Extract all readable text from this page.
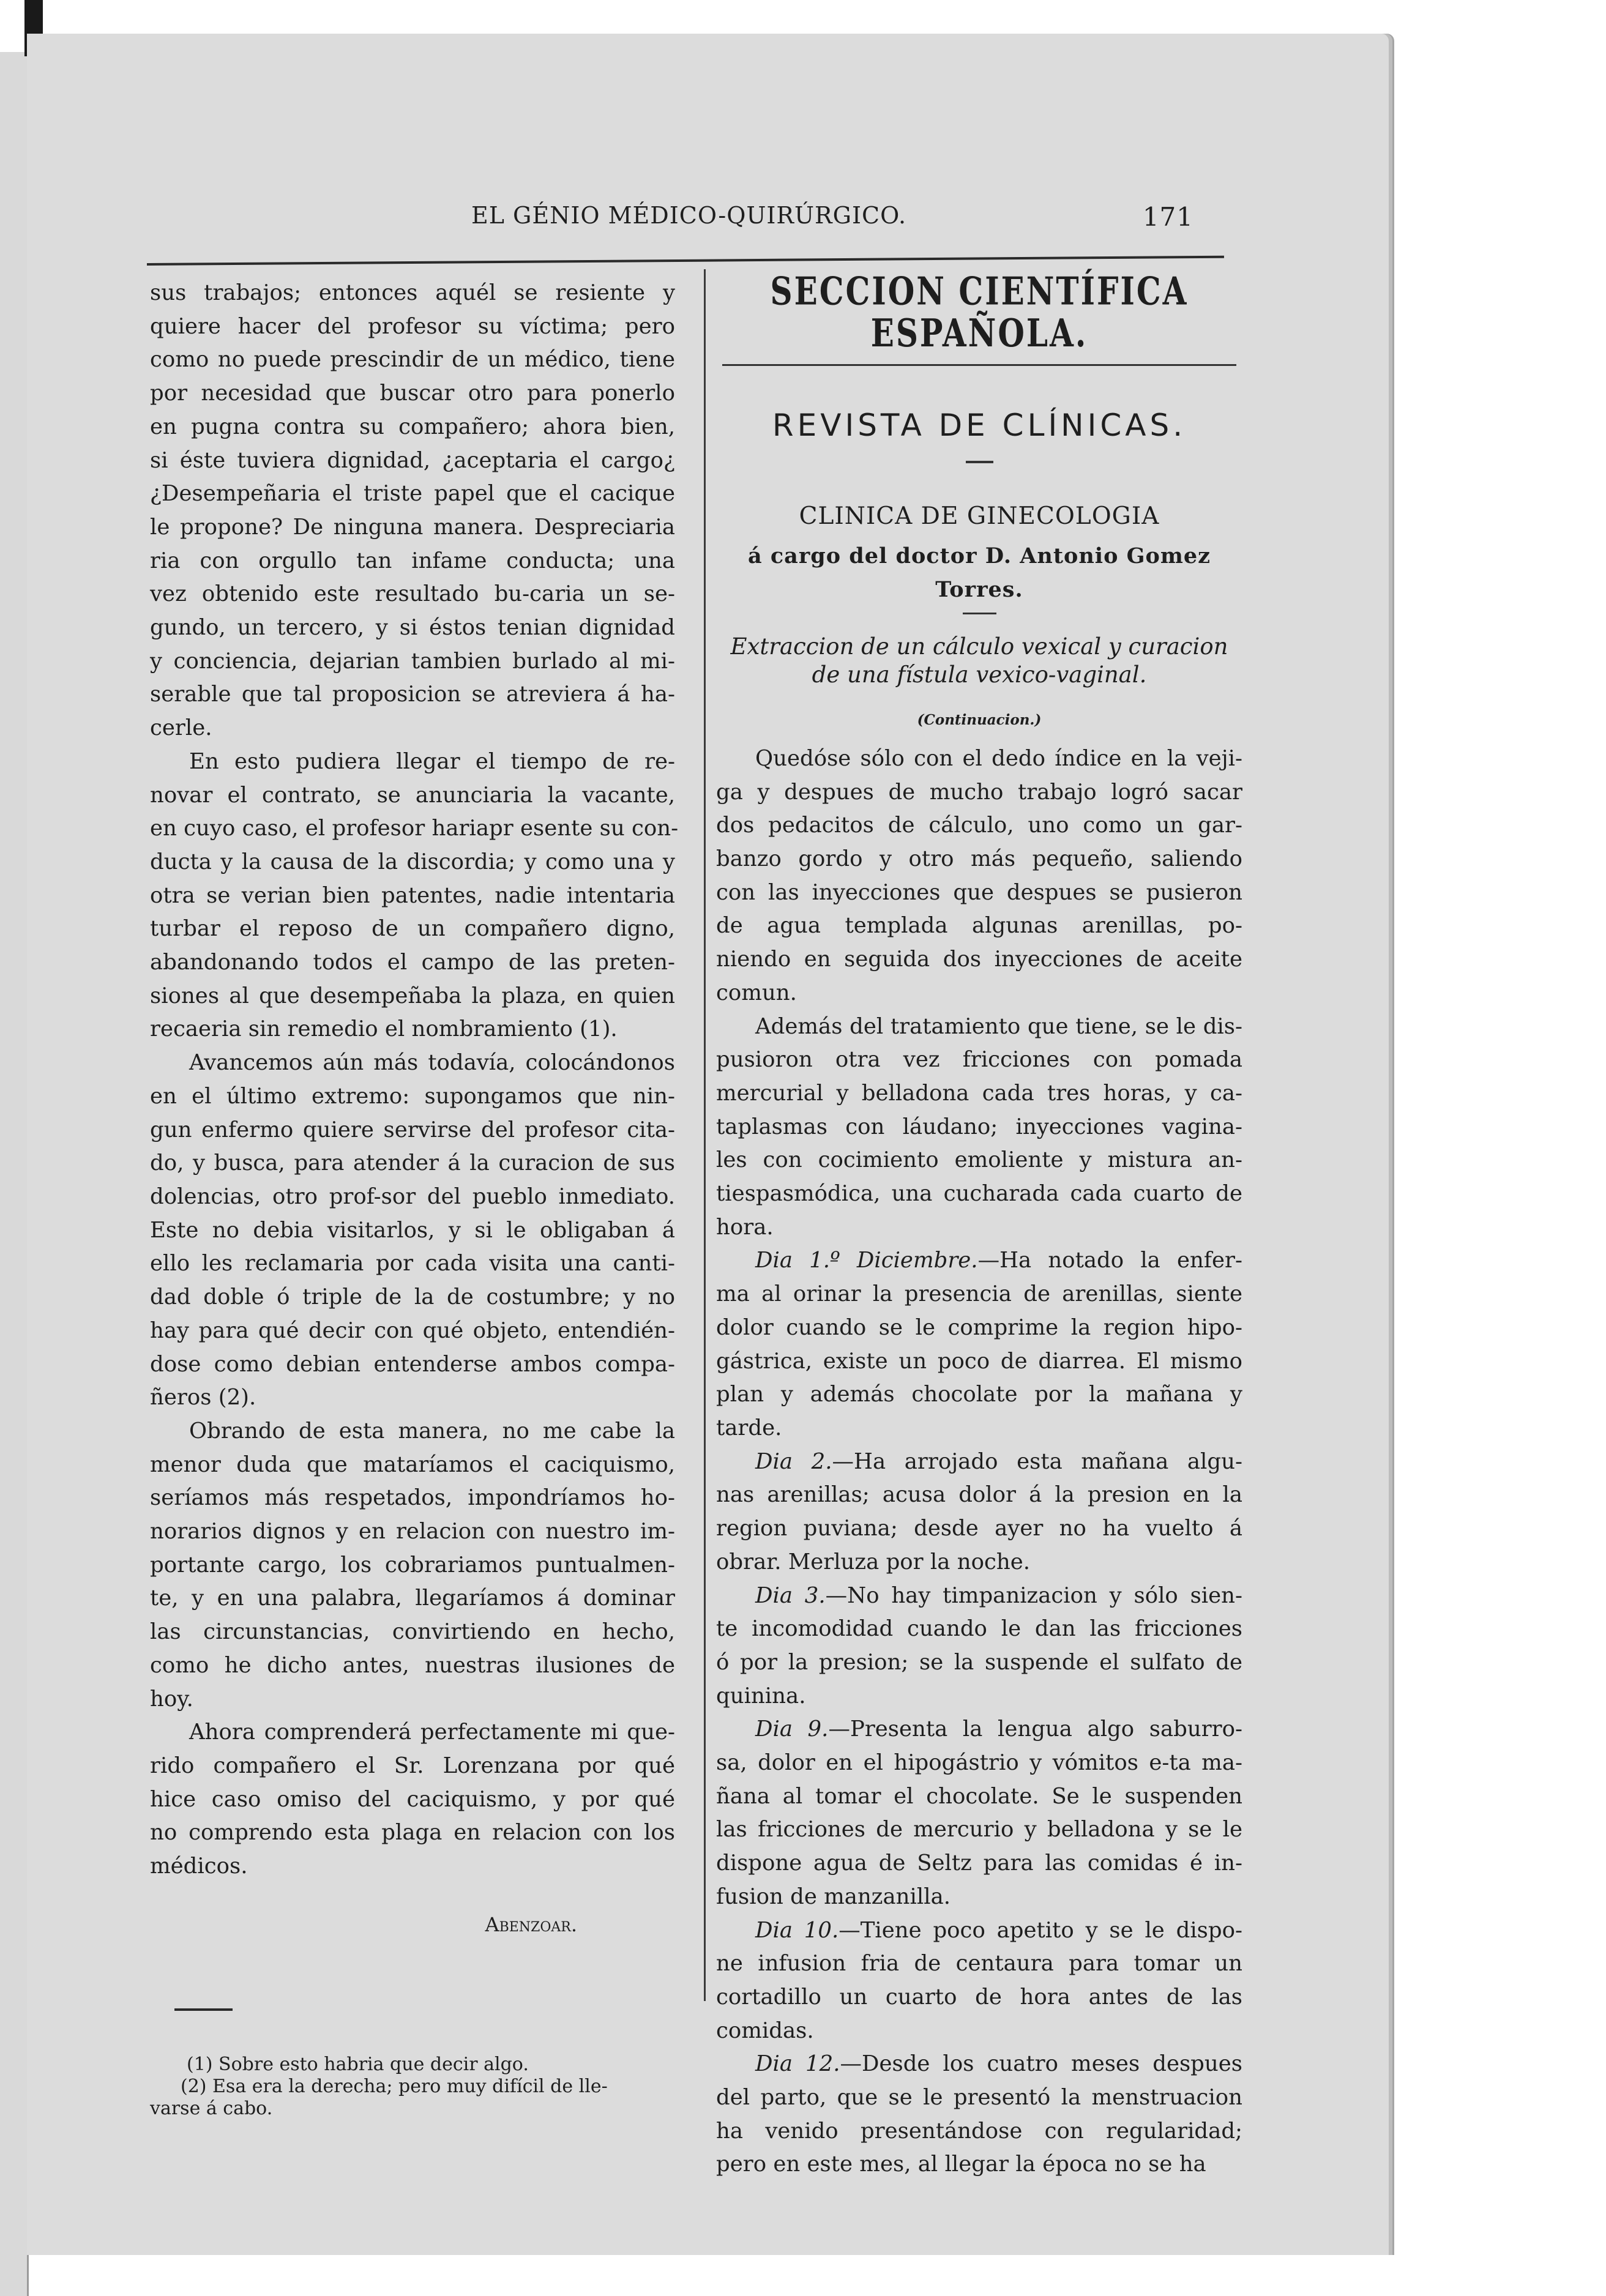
EL GÉNIO MÉDICO-QUIRÚRGICO.	171

sus trabajos; entonces aquél se resiente y
quiere hacer del profesor su víctima; pero
como no puede prescindir de un médico, tiene
por necesidad que buscar otro para ponerlo
en pugna contra su compañero; ahora bien,
si éste tuviera dignidad, ¿aceptaria el cargo¿
¿Desempeñaria el triste papel que el cacique
le propone? De ninguna manera. Despreciaria
ria con orgullo tan infame conducta; una
vez obtenido este resultado bu-caria un se-
gundo, un tercero, y si éstos tenian dignidad
y conciencia, dejarian tambien burlado al mi-
serable que tal proposicion se atreviera á ha-
cerle.

En esto pudiera llegar el tiempo de re-
novar el contrato, se anunciaria la vacante,
en cuyo caso, el profesor hariapr esente su con-
ducta y la causa de la discordia; y como una y
otra se verian bien patentes, nadie intentaria
turbar el reposo de un compañero digno,
abandonando todos el campo de las preten-
siones al que desempeñaba la plaza, en quien
recaeria sin remedio el nombramiento (1).

Avancemos aún más todavía, colocándonos
en el último extremo: supongamos que nin-
gun enfermo quiere servirse del profesor cita-
do, y busca, para atender á la curacion de sus
dolencias, otro prof-sor del pueblo inmediato.
Este no debia visitarlos, y si le obligaban á
ello les reclamaria por cada visita una canti-
dad doble ó triple de la de costumbre; y no
hay para qué decir con qué objeto, entendién-
dose como debian entenderse ambos compa-
ñeros (2).

Obrando de esta manera, no me cabe la
menor duda que mataríamos el caciquismo,
seríamos más respetados, impondríamos ho-
norarios dignos y en relacion con nuestro im-
portante cargo, los cobrariamos puntualmen-
te, y en una palabra, llegaríamos á dominar
las circunstancias, convirtiendo en hecho,
como he dicho antes, nuestras ilusiones de
hoy.

Ahora comprenderá perfectamente mi que-
rido compañero el Sr. Lorenzana por qué
hice caso omiso del caciquismo, y por qué
no comprendo esta plaga en relacion con los
médicos.

Abenzoar.
(1) Sobre esto habria que decir algo.
(2) Esa era la derecha; pero muy difícil de lle-
varse á cabo.
SECCION CIENTÍFICA ESPAÑOLA.
REVISTA DE CLÍNICAS.
CLINICA DE GINECOLOGIA
á cargo del doctor D. Antonio Gomez Torres.
Extraccion de un cálculo vexical y curacion
de una fístula vexico-vaginal.
(Continuacion.)

Quedóse sólo con el dedo índice en la veji-
ga y despues de mucho trabajo logró sacar
dos pedacitos de cálculo, uno como un gar-
banzo gordo y otro más pequeño, saliendo
con las inyecciones que despues se pusieron
de agua templada algunas arenillas, po-
niendo en seguida dos inyecciones de aceite
comun.

Además del tratamiento que tiene, se le dis-
pusioron otra vez fricciones con pomada
mercurial y belladona cada tres horas, y ca-
taplasmas con láudano; inyecciones vagina-
les con cocimiento emoliente y mistura an-
tiespasmódica, una cucharada cada cuarto de
hora.

Dia 1.º Diciembre.—Ha notado la enfer-
ma al orinar la presencia de arenillas, siente
dolor cuando se le comprime la region hipo-
gástrica, existe un poco de diarrea. El mismo
plan y además chocolate por la mañana y
tarde.

Dia 2.—Ha arrojado esta mañana algu-
nas arenillas; acusa dolor á la presion en la
region puviana; desde ayer no ha vuelto á
obrar. Merluza por la noche.

Dia 3.—No hay timpanizacion y sólo sien-
te incomodidad cuando le dan las fricciones
ó por la presion; se la suspende el sulfato de
quinina.

Dia 9.—Presenta la lengua algo saburro-
sa, dolor en el hipogástrio y vómitos e-ta ma-
ñana al tomar el chocolate. Se le suspenden
las fricciones de mercurio y belladona y se le
dispone agua de Seltz para las comidas é in-
fusion de manzanilla.

Dia 10.—Tiene poco apetito y se le dispo-
ne infusion fria de centaura para tomar un
cortadillo un cuarto de hora antes de las
comidas.

Dia 12.—Desde los cuatro meses despues
del parto, que se le presentó la menstruacion
ha venido presentándose con regularidad;
pero en este mes, al llegar la época no se ha
